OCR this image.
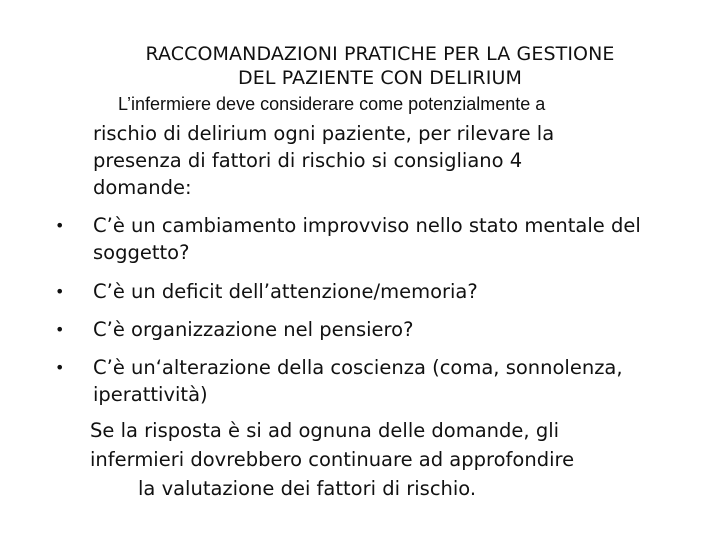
RACCOMANDAZIONI PRATICHE PER LA GESTIONE
DEL PAZIENTE CON DELIRIUM
L’infermiere deve considerare come potenzialmente a
rischio di delirium ogni paziente, per rilevare la
presenza di fattori di rischio si consigliano 4
domande:
• C’è un cambiamento improvviso nello stato mentale del
soggetto?
• C’è un deficit dell’attenzione/memoria?
• C’è organizzazione nel pensiero?
• C’è un‘alterazione della coscienza (coma, sonnolenza,
iperattività)
Se la risposta è si ad ognuna delle domande, gli
infermieri dovrebbero continuare ad approfondire
la valutazione dei fattori di rischio.
